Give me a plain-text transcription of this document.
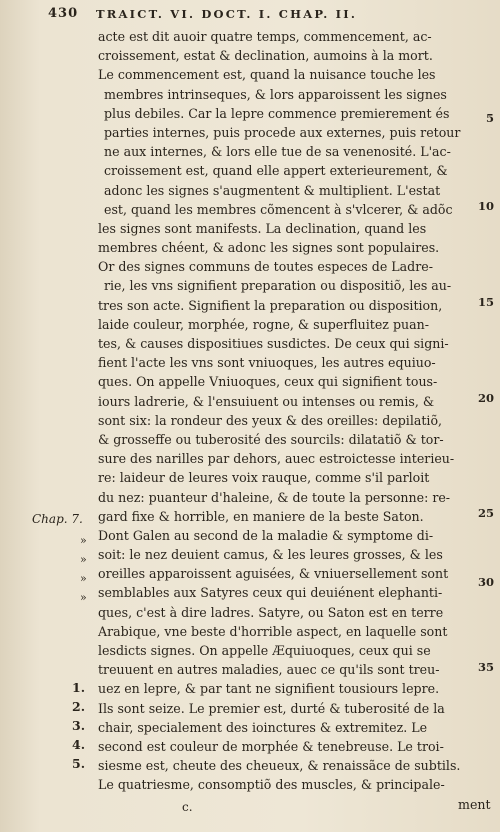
430 TRAICT. VI. DOCT. I. CHAP. II.
acte est dit auoir quatre temps, commencement, ac-
croissement, estat & declination, aumoins à la mort.
Le commencement est, quand la nuisance touche les
membres intrinseques, & lors apparoissent les signes
plus debiles. Car la lepre commence premierement és
parties internes, puis procede aux externes, puis retour
ne aux internes, & lors elle tue de sa venenosité. L'ac-
croissement est, quand elle appert exterieurement, &
adonc les signes s'augmentent & multiplient. L'estat
est, quand les membres cõmencent à s'vlcerer, & adõc
les signes sont manifests. La declination, quand les
membres chéent, & adonc les signes sont populaires.
Or des signes communs de toutes especes de Ladre-
rie, les vns signifient preparation ou dispositiõ, les au-
tres son acte. Signifient la preparation ou disposition,
laide couleur, morphée, rogne, & superfluitez puan-
tes, & causes dispositiues susdictes. De ceux qui signi-
fient l'acte les vns sont vniuoques, les autres equiuo-
ques. On appelle Vniuoques, ceux qui signifient tous-
iours ladrerie, & l'ensuiuent ou intenses ou remis, &
sont six: la rondeur des yeux & des oreilles: depilatiõ,
& grosseffe ou tuberosité des sourcils: dilatatiõ & tor-
sure des narilles par dehors, auec estroictesse interieu-
re: laideur de leures voix rauque, comme s'il parloit
du nez: puanteur d'haleine, & de toute la personne: re-
gard fixe & horrible, en maniere de la beste Saton.
Dont Galen au second de la maladie & symptome di-
soit: le nez deuient camus, & les leures grosses, & les
oreilles apparoissent aguisées, & vniuersellement sont
semblables aux Satyres ceux qui deuiénent elephanti-
ques, c'est à dire ladres. Satyre, ou Saton est en terre
Arabique, vne beste d'horrible aspect, en laquelle sont
lesdicts signes. On appelle Æquiuoques, ceux qui se
treuuent en autres maladies, auec ce qu'ils sont treu-
uez en lepre, & par tant ne signifient tousiours lepre.
Ils sont seize. Le premier est, durté & tuberosité de la
chair, specialement des ioinctures & extremitez. Le
second est couleur de morphée & tenebreuse. Le troi-
siesme est, cheute des cheueux, & renaissãce de subtils.
Le quatriesme, consomptiõ des muscles, & principale-
ment
5
10
15
20
25
30
35
Chap. 7.
»
»
»
»
1.
2.
3.
4.
5.
c.
